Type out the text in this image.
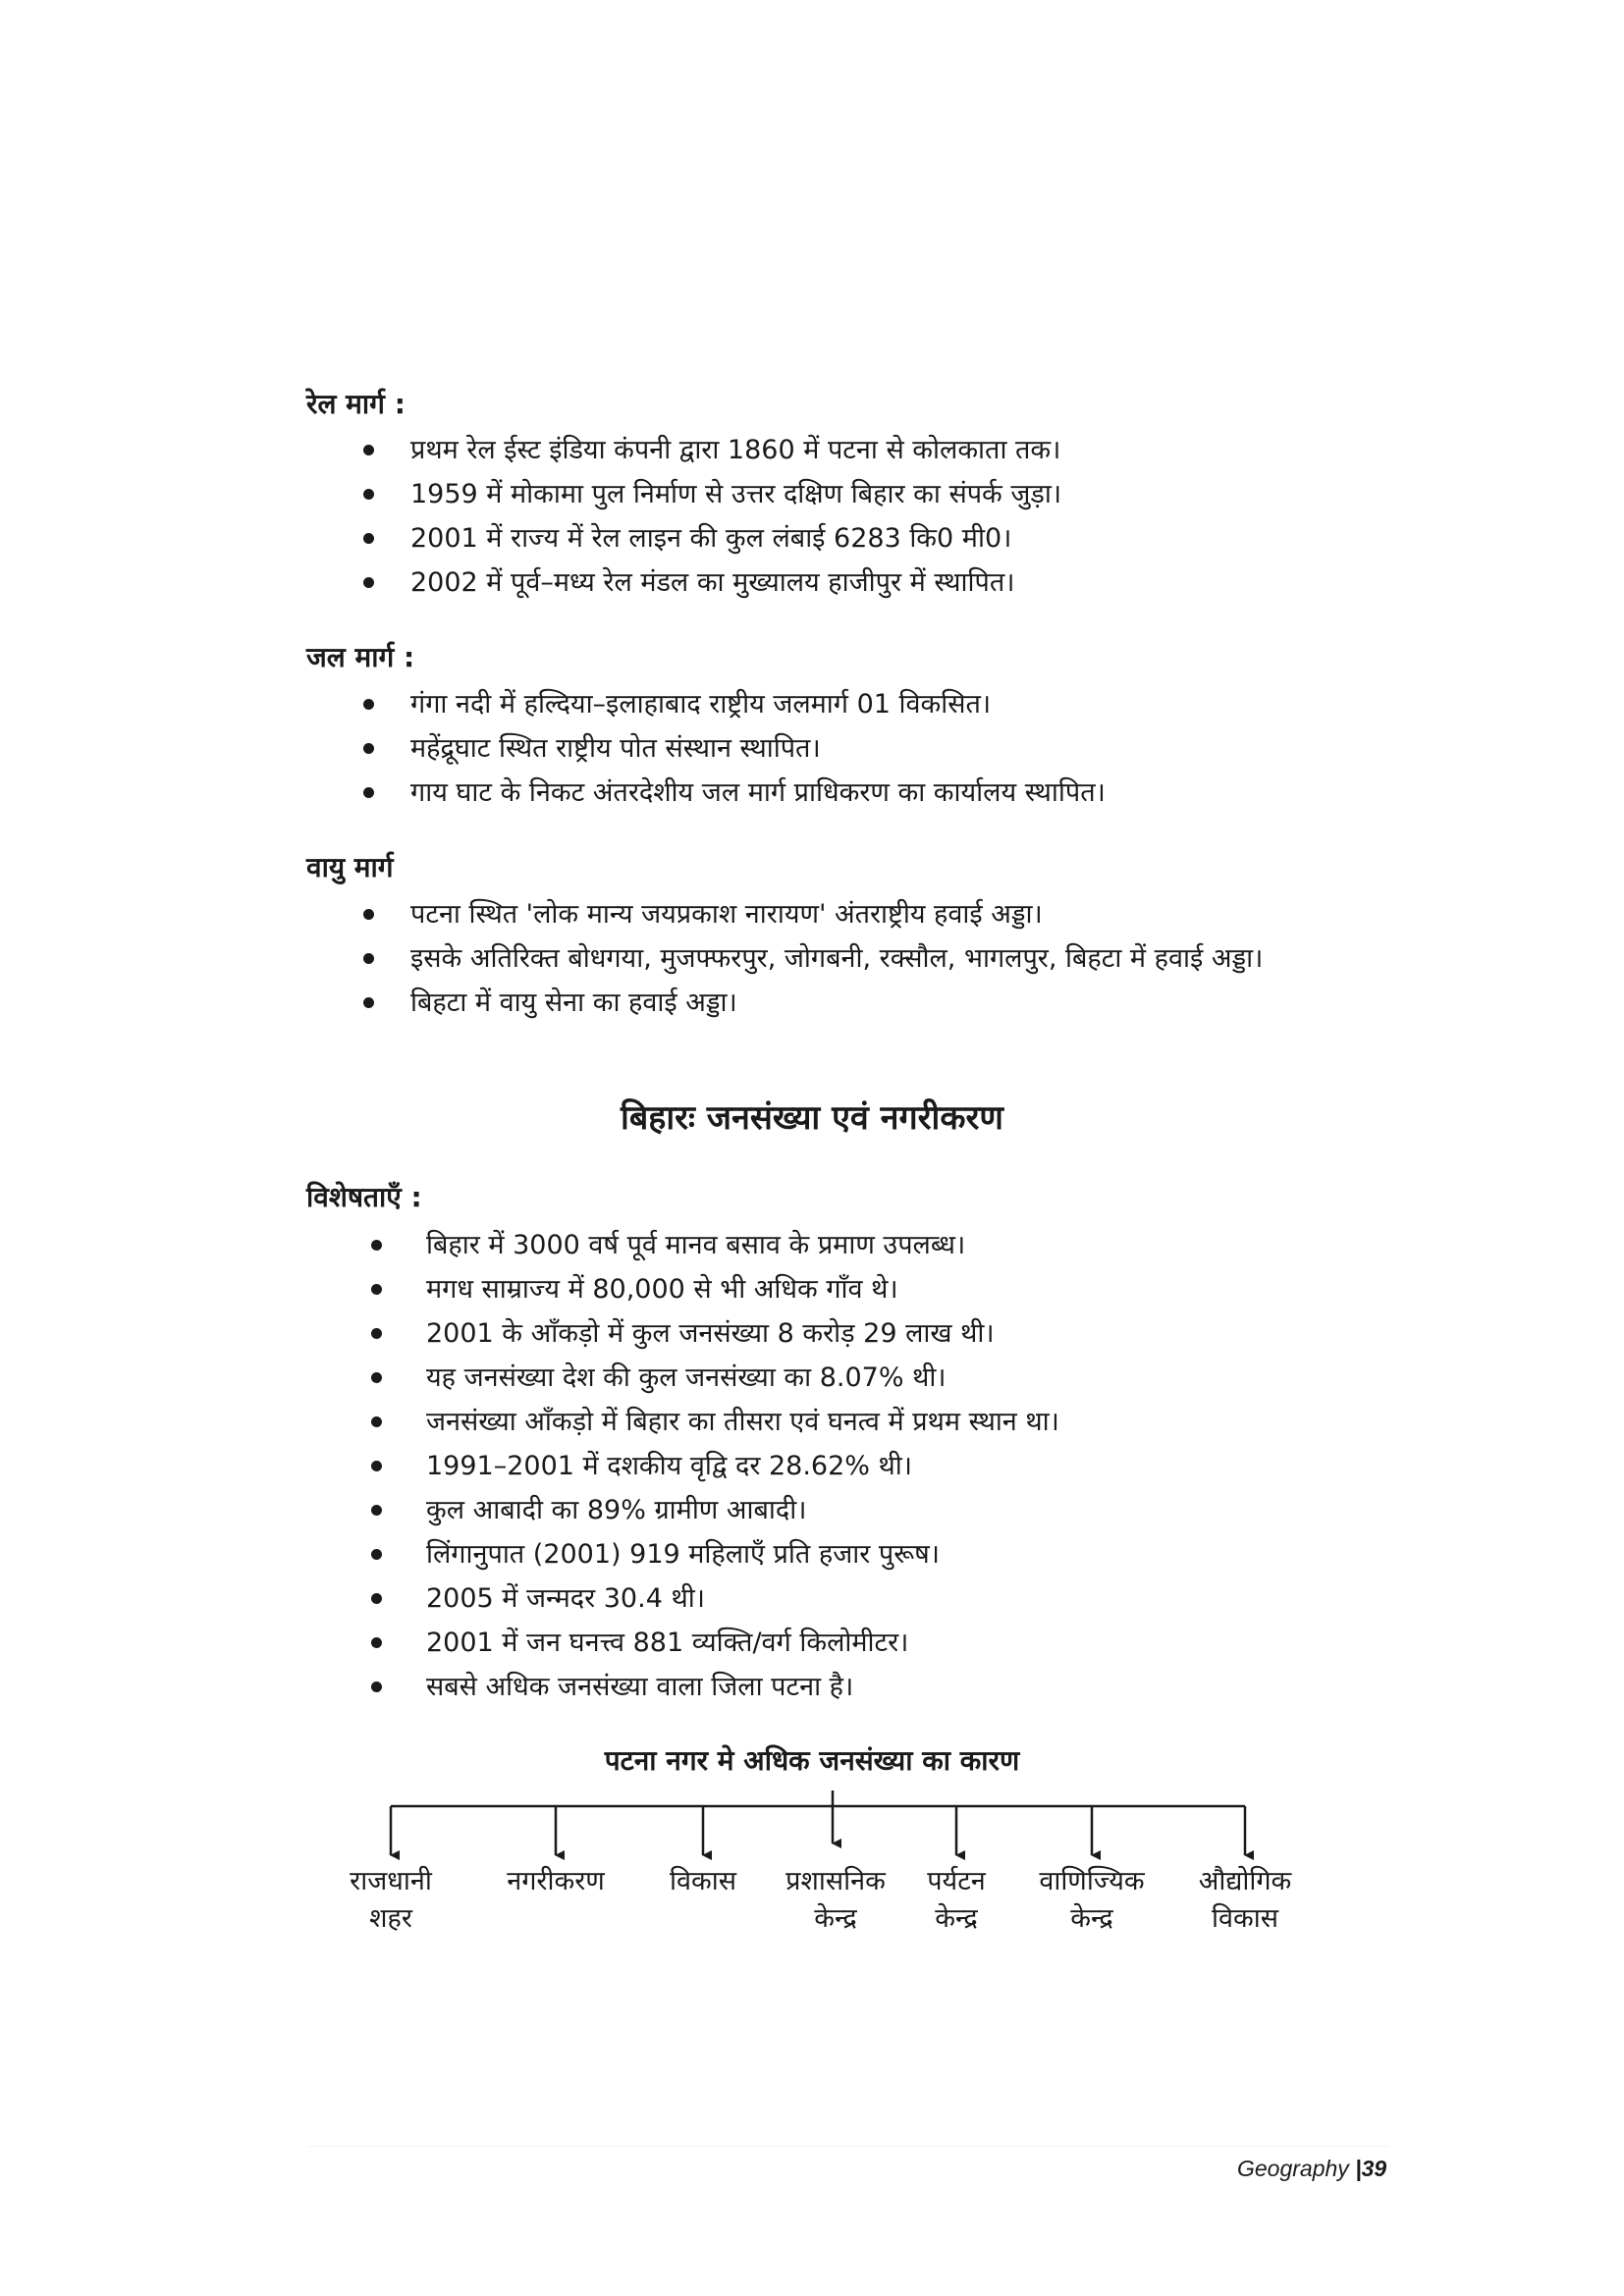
रेल मार्ग :
प्रथम रेल ईस्ट इंडिया कंपनी द्वारा 1860 में पटना से कोलकाता तक।
1959 में मोकामा पुल निर्माण से उत्तर दक्षिण बिहार का संपर्क जुड़ा।
2001 में राज्य में रेल लाइन की कुल लंबाई 6283 कि0 मी0।
2002 में पूर्व–मध्य रेल मंडल का मुख्यालय हाजीपुर में स्थापित।
जल मार्ग :
गंगा नदी में हल्दिया–इलाहाबाद राष्ट्रीय जलमार्ग 01 विकसित।
महेंद्रूघाट स्थित राष्ट्रीय पोत संस्थान स्थापित।
गाय घाट के निकट अंतरदेशीय जल मार्ग प्राधिकरण का कार्यालय स्थापित।
वायु मार्ग
पटना स्थित 'लोक मान्य जयप्रकाश नारायण' अंतराष्ट्रीय हवाई अड्डा।
इसके अतिरिक्त बोधगया, मुजफ्फरपुर, जोगबनी, रक्सौल, भागलपुर, बिहटा में हवाई अड्डा।
बिहटा में वायु सेना का हवाई अड्डा।
बिहारः जनसंख्या एवं नगरीकरण
विशेषताएँ :
बिहार में 3000 वर्ष पूर्व मानव बसाव के प्रमाण उपलब्ध।
मगध साम्राज्य में 80,000 से भी अधिक गाँव थे।
2001 के आँकड़ो में कुल जनसंख्या 8 करोड़ 29 लाख थी।
यह जनसंख्या देश की कुल जनसंख्या का 8.07% थी।
जनसंख्या आँकड़ो में बिहार का तीसरा एवं घनत्व में प्रथम स्थान था।
1991–2001 में दशकीय वृद्वि दर 28.62% थी।
कुल आबादी का 89% ग्रामीण आबादी।
लिंगानुपात (2001) 919 महिलाएँ प्रति हजार पुरूष।
2005 में जन्मदर 30.4 थी।
2001 में जन घनत्त्व 881 व्यक्ति/वर्ग किलोमीटर।
सबसे अधिक जनसंख्या वाला जिला पटना है।
पटना नगर मे अधिक जनसंख्या का कारण
राजधानी
शहर
नगरीकरण	विकास	प्रशासनिक
केन्द्र
पर्यटन
केन्द्र
वाणिज्यिक
केन्द्र
औद्योगिक
विकास
Geography |39
